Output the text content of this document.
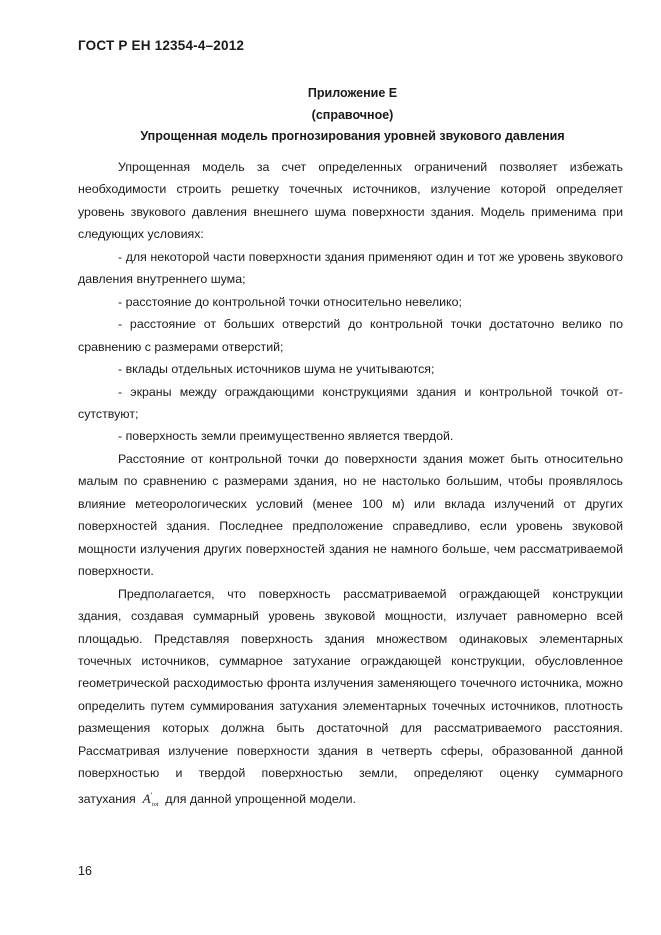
ГОСТ Р ЕН 12354-4–2012
Приложение Е
(справочное)
Упрощенная модель прогнозирования уровней звукового давления

Упрощенная модель за счет определенных ограничений позволяет избежать необходимости строить решетку точечных источников, излучение которой определяет уровень звукового давления внешнего шума поверхности здания. Модель применима при следующих условиях:

- для некоторой части поверхности здания применяют один и тот же уровень звукового давления внутреннего шума;

- расстояние до контрольной точки относительно невелико;

- расстояние от больших отверстий до контрольной точки достаточно велико по сравнению с размерами отверстий;

- вклады отдельных источников шума не учитываются;

- экраны между ограждающими конструкциями здания и контрольной точкой отсутствуют;

- поверхность земли преимущественно является твердой.

Расстояние от контрольной точки до поверхности здания может быть относительно малым по сравнению с размерами здания, но не настолько большим, чтобы проявлялось влияние метеорологических условий (менее 100 м) или вклада излучений от других поверхностей здания. Последнее предположение справедливо, если уровень звуковой мощности излучения других поверхностей здания не намного больше, чем рассматриваемой поверхности.

Предполагается, что поверхность рассматриваемой ограждающей конструкции здания, создавая суммарный уровень звуковой мощности, излучает равномерно всей площадью. Представляя поверхность здания множеством одинаковых элементарных точечных источников, суммарное затухание ограждающей конструкции, обусловленное геометрической расходимостью фронта излучения заменяющего точечного источника, можно определить путем суммирования затухания элементарных точечных источников, плотность размещения которых должна быть достаточной для рассматриваемого расстояния. Рассматривая излучение поверхности здания в четверть сферы, образованной данной поверхностью и твердой поверхностью земли, определяют оценку суммарного затухания $A'_{tot}$ для данной упрощенной модели.

16
